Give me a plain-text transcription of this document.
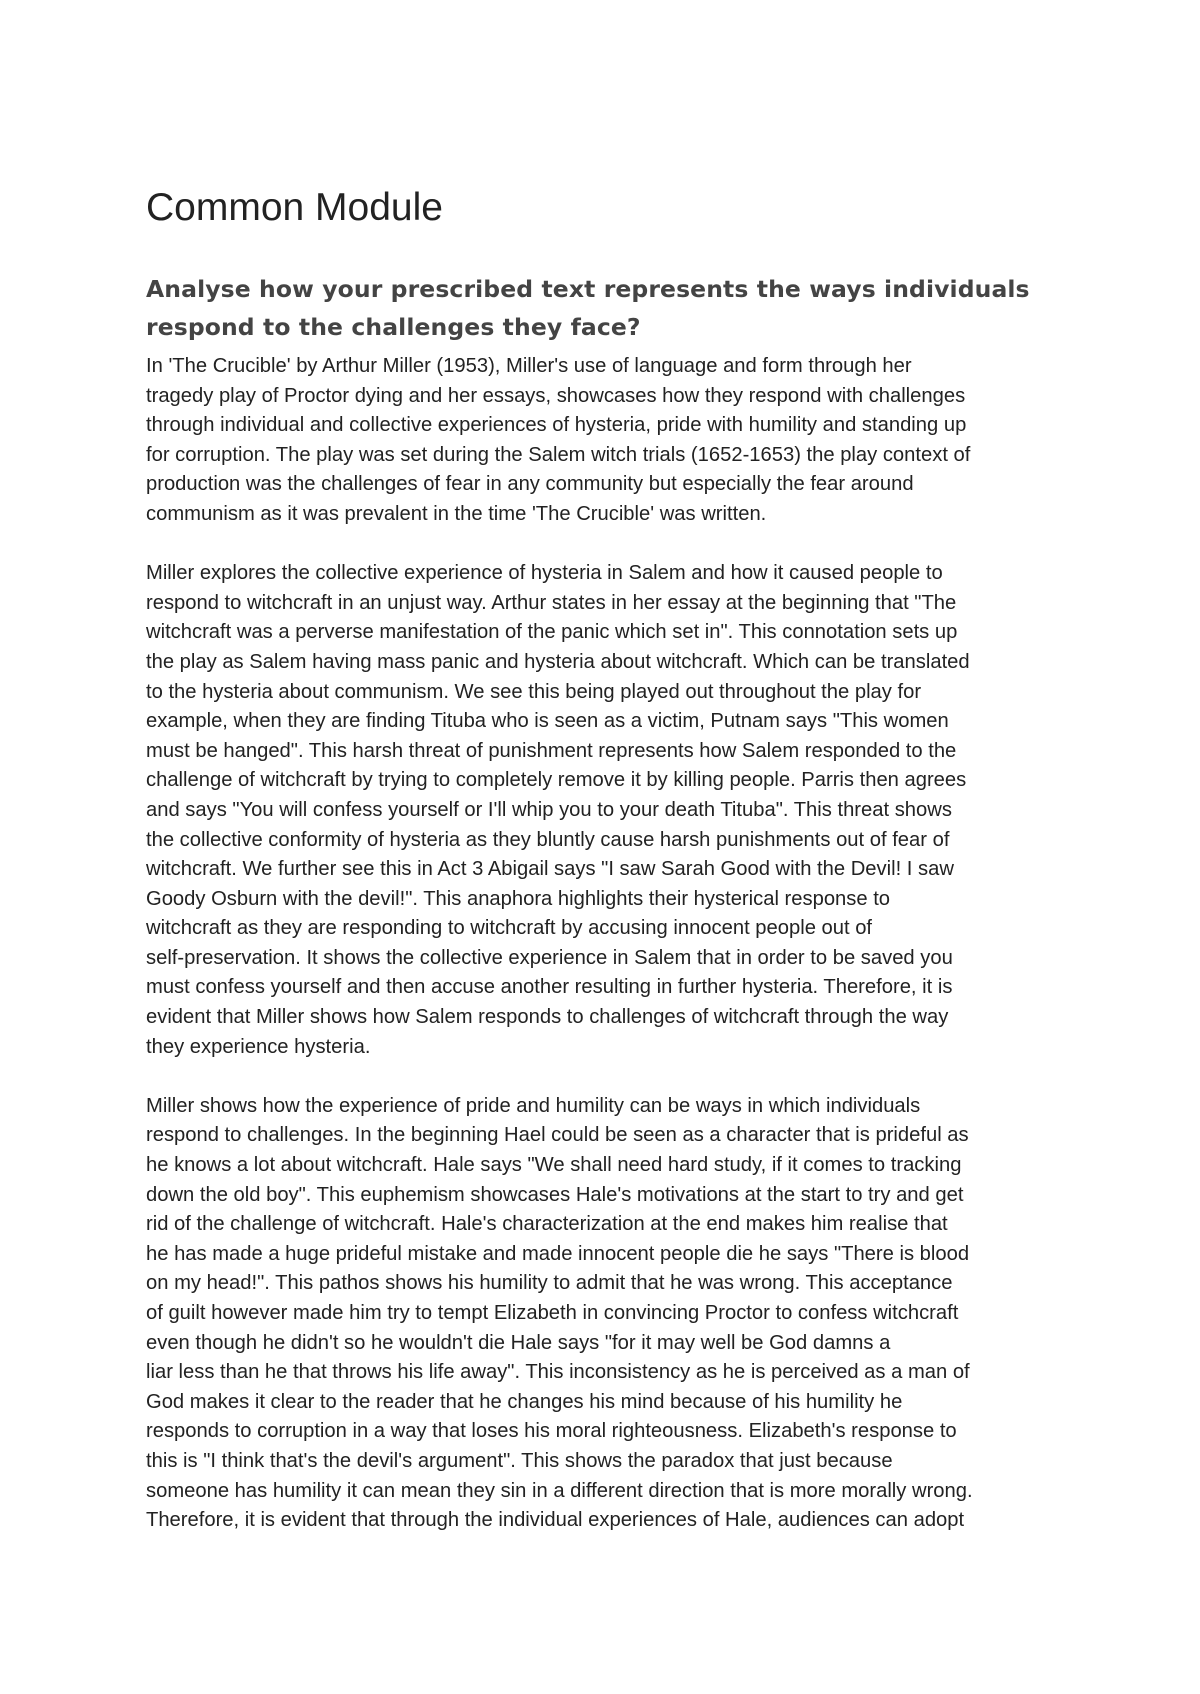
Common Module
Analyse how your prescribed text represents the ways individuals
respond to the challenges they face?

In 'The Crucible' by Arthur Miller (1953), Miller's use of language and form through her
tragedy play of Proctor dying and her essays, showcases how they respond with challenges
through individual and collective experiences of hysteria, pride with humility and standing up
for corruption. The play was set during the Salem witch trials (1652-1653) the play context of
production was the challenges of fear in any community but especially the fear around
communism as it was prevalent in the time 'The Crucible' was written.

Miller explores the collective experience of hysteria in Salem and how it caused people to
respond to witchcraft in an unjust way. Arthur states in her essay at the beginning that "The
witchcraft was a perverse manifestation of the panic which set in". This connotation sets up
the play as Salem having mass panic and hysteria about witchcraft. Which can be translated
to the hysteria about communism. We see this being played out throughout the play for
example, when they are finding Tituba who is seen as a victim, Putnam says "This women
must be hanged". This harsh threat of punishment represents how Salem responded to the
challenge of witchcraft by trying to completely remove it by killing people. Parris then agrees
and says "You will confess yourself or I'll whip you to your death Tituba". This threat shows
the collective conformity of hysteria as they bluntly cause harsh punishments out of fear of
witchcraft. We further see this in Act 3 Abigail says "I saw Sarah Good with the Devil! I saw
Goody Osburn with the devil!". This anaphora highlights their hysterical response to
witchcraft as they are responding to witchcraft by accusing innocent people out of
self-preservation. It shows the collective experience in Salem that in order to be saved you
must confess yourself and then accuse another resulting in further hysteria. Therefore, it is
evident that Miller shows how Salem responds to challenges of witchcraft through the way
they experience hysteria.

Miller shows how the experience of pride and humility can be ways in which individuals
respond to challenges. In the beginning Hael could be seen as a character that is prideful as
he knows a lot about witchcraft. Hale says "We shall need hard study, if it comes to tracking
down the old boy". This euphemism showcases Hale's motivations at the start to try and get
rid of the challenge of witchcraft. Hale's characterization at the end makes him realise that
he has made a huge prideful mistake and made innocent people die he says "There is blood
on my head!". This pathos shows his humility to admit that he was wrong. This acceptance
of guilt however made him try to tempt Elizabeth in convincing Proctor to confess witchcraft
even though he didn't so he wouldn't die Hale says "for it may well be God damns a
liar less than he that throws his life away". This inconsistency as he is perceived as a man of
God makes it clear to the reader that he changes his mind because of his humility he
responds to corruption in a way that loses his moral righteousness. Elizabeth's response to
this is "I think that's the devil's argument". This shows the paradox that just because
someone has humility it can mean they sin in a different direction that is more morally wrong.
Therefore, it is evident that through the individual experiences of Hale, audiences can adopt
